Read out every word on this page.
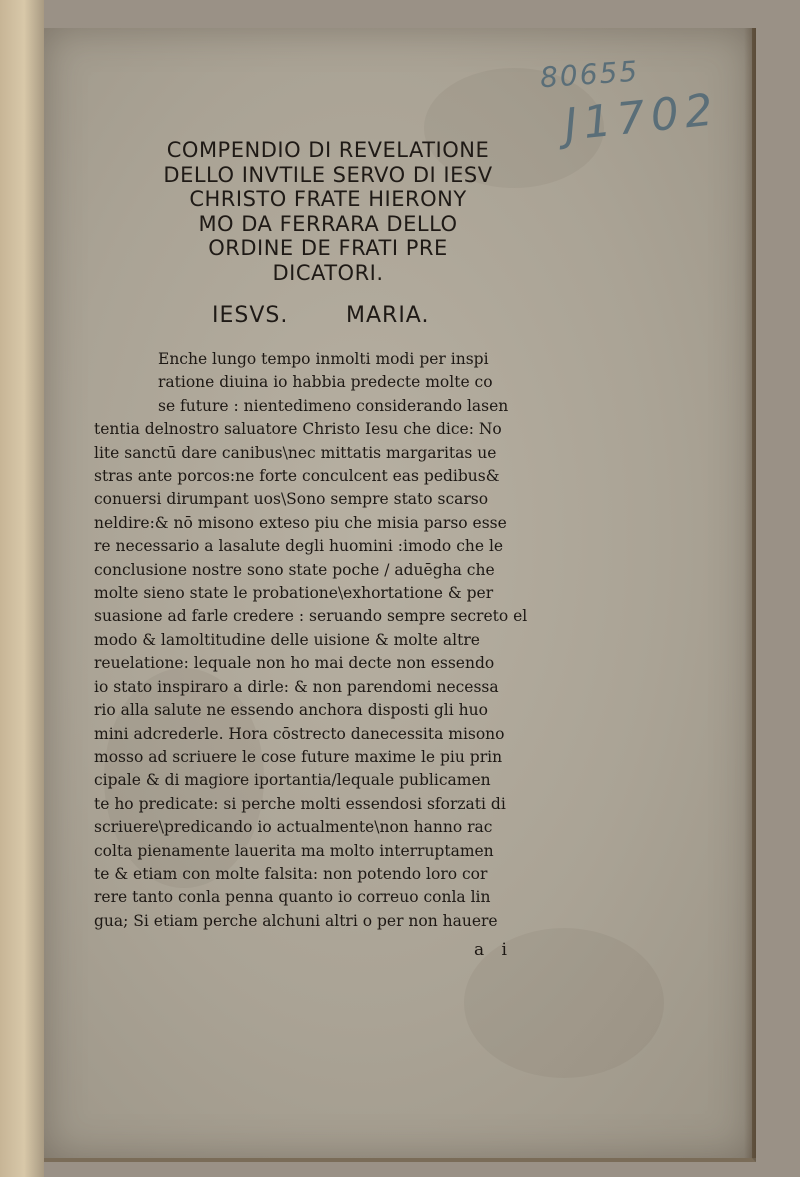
80655
J1702
COMPENDIO DI REVELATIONE
DELLO INVTILE SERVO DI IESV
CHRISTO FRATE HIERONY
MO DA FERRARA DELLO
ORDINE DE FRATI PRE
DICATORI.
IESVS.	MARIA.
Enche lungo tempo inmolti modi per inspi
ratione diuina io habbia predecte molte co
se future : nientedimeno considerando lasen
tentia delnostro saluatore Christo Iesu che dice: No
lite sanctū dare canibus\nec mittatis margaritas ue
stras ante porcos:ne forte conculcent eas pedibus&
conuersi dirumpant uos\Sono sempre stato scarso
neldire:& nō misono extesо piu che misia parso esse
re necessario a lasalute degli huomini :imodo che le
conclusione nostre sono state poche / aduēgha che
molte sieno state le probatione\exhortatione & per
suasione ad farle credere : seruando sempre secreto el
modo & lamoltitudine delle uisione & molte altre
reuelatione: lequale non ho mai decte non essendo
io stato inspiraro a dirle: & non parendomi necessa
rio alla salute ne essendo anchora disposti gli huo
mini adcrederle. Hora cōstrecto danecessita misono
mosso ad scriuere le cose future maxime le piu prin
cipale & di magiore iportantia/lequale publicamen
te ho predicate: si perche molti essendosi sforzati di
scriuere\predicando io actualmente\non hanno rac
colta pienamente lauerita ma molto interruptamen
te & etiam con molte falsita: non potendo loro cor
rere tanto conla penna quanto io correuo conla lin
gua; Si etiam perche alchuni altri o per non hauere
a i
